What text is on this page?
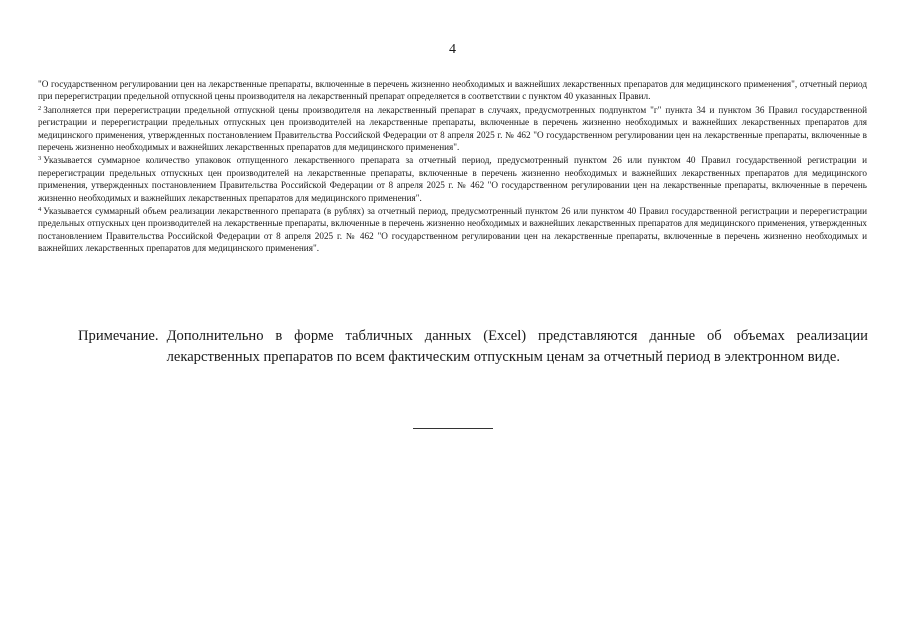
4

"О государственном регулировании цен на лекарственные препараты, включенные в перечень жизненно необходимых и важнейших лекарственных препаратов для медицинского применения", отчетный период при перерегистрации предельной отпускной цены производителя на лекарственный препарат определяется в соответствии с пунктом 40 указанных Правил.

$^2$ Заполняется при перерегистрации предельной отпускной цены производителя на лекарственный препарат в случаях, предусмотренных подпунктом "г" пункта 34 и пунктом 36 Правил государственной регистрации и перерегистрации предельных отпускных цен производителей на лекарственные препараты, включенные в перечень жизненно необходимых и важнейших лекарственных препаратов для медицинского применения, утвержденных постановлением Правительства Российской Федерации от 8 апреля 2025 г. № 462 "О государственном регулировании цен на лекарственные препараты, включенные в перечень жизненно необходимых и важнейших лекарственных препаратов для медицинского применения".

$^3$ Указывается суммарное количество упаковок отпущенного лекарственного препарата за отчетный период, предусмотренный пунктом 26 или пунктом 40 Правил государственной регистрации и перерегистрации предельных отпускных цен производителей на лекарственные препараты, включенные в перечень жизненно необходимых и важнейших лекарственных препаратов для медицинского применения, утвержденных постановлением Правительства Российской Федерации от 8 апреля 2025 г. № 462 "О государственном регулировании цен на лекарственные препараты, включенные в перечень жизненно необходимых и важнейших лекарственных препаратов для медицинского применения".

$^4$ Указывается суммарный объем реализации лекарственного препарата (в рублях) за отчетный период, предусмотренный пунктом 26 или пунктом 40 Правил государственной регистрации и перерегистрации предельных отпускных цен производителей на лекарственные препараты, включенные в перечень жизненно необходимых и важнейших лекарственных препаратов для медицинского применения, утвержденных постановлением Правительства Российской Федерации от 8 апреля 2025 г. № 462 "О государственном регулировании цен на лекарственные препараты, включенные в перечень жизненно необходимых и важнейших лекарственных препаратов для медицинского применения".

Примечание. Дополнительно в форме табличных данных (Excel) представляются данные об объемах реализации лекарственных препаратов по всем фактическим отпускным ценам за отчетный период в электронном виде.
